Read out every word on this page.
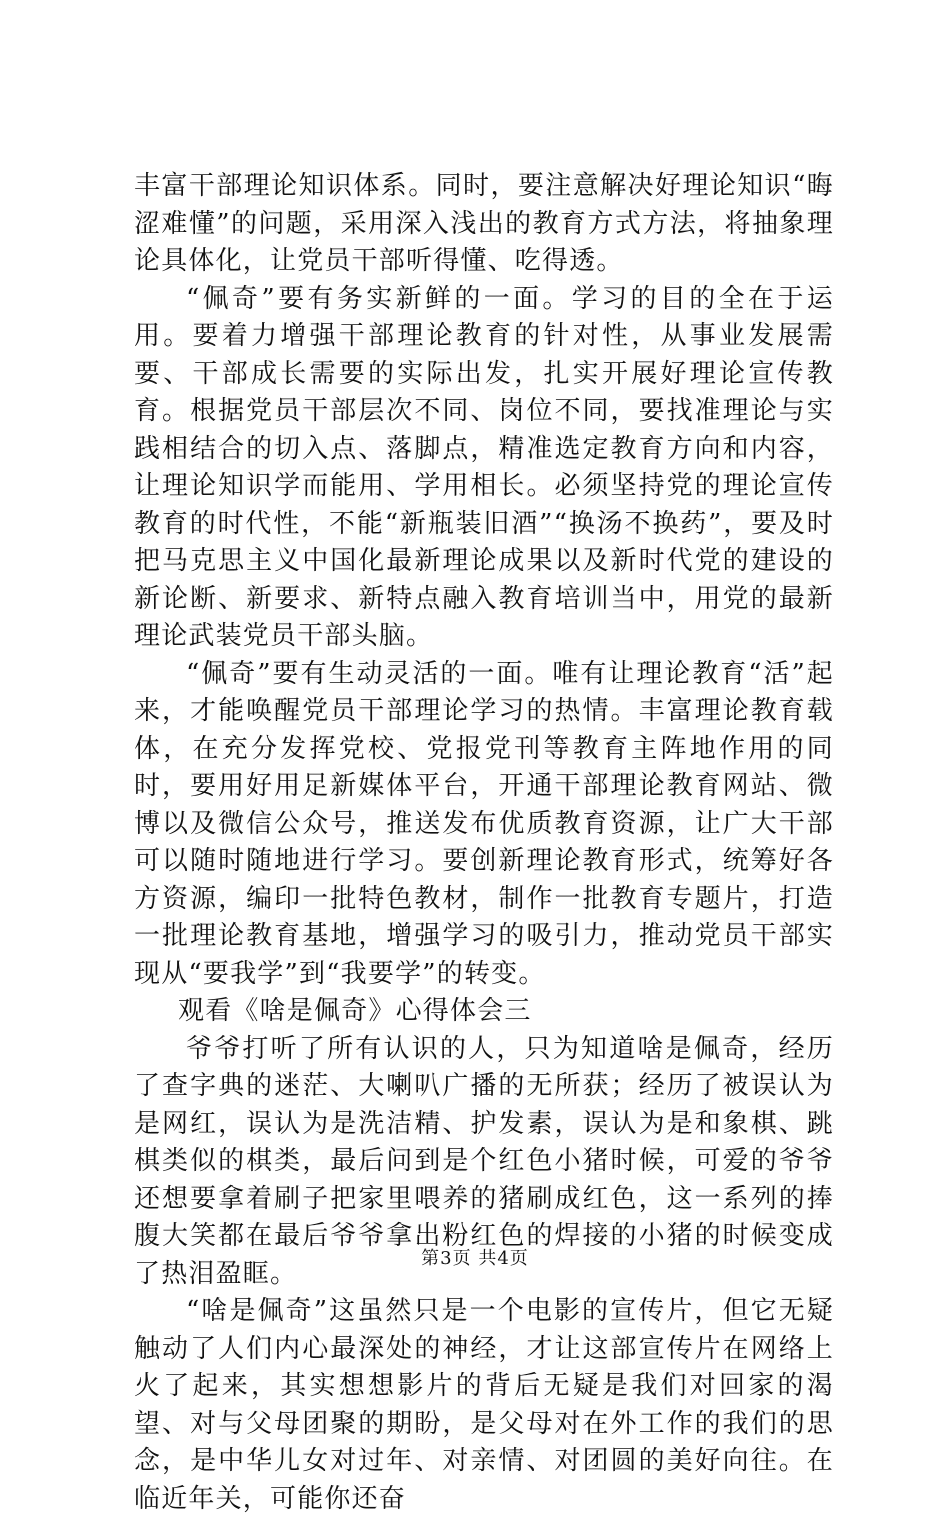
丰富干部理论知识体系。同时，要注意解决好理论知识“晦涩难懂”的问题，采用深入浅出的教育方式方法，将抽象理论具体化，让党员干部听得懂、吃得透。

“佩奇”要有务实新鲜的一面。学习的目的全在于运用。要着力增强干部理论教育的针对性，从事业发展需要、干部成长需要的实际出发，扎实开展好理论宣传教育。根据党员干部层次不同、岗位不同，要找准理论与实践相结合的切入点、落脚点，精准选定教育方向和内容，让理论知识学而能用、学用相长。必须坚持党的理论宣传教育的时代性，不能“新瓶装旧酒”“换汤不换药”，要及时把马克思主义中国化最新理论成果以及新时代党的建设的新论断、新要求、新特点融入教育培训当中，用党的最新理论武装党员干部头脑。

“佩奇”要有生动灵活的一面。唯有让理论教育“活”起来，才能唤醒党员干部理论学习的热情。丰富理论教育载体，在充分发挥党校、党报党刊等教育主阵地作用的同时，要用好用足新媒体平台，开通干部理论教育网站、微博以及微信公众号，推送发布优质教育资源，让广大干部可以随时随地进行学习。要创新理论教育形式，统筹好各方资源，编印一批特色教材，制作一批教育专题片，打造一批理论教育基地，增强学习的吸引力，推动党员干部实现从“要我学”到“我要学”的转变。

观看《啥是佩奇》心得体会三

爷爷打听了所有认识的人，只为知道啥是佩奇，经历了查字典的迷茫、大喇叭广播的无所获；经历了被误认为是网红，误认为是洗洁精、护发素，误认为是和象棋、跳棋类似的棋类，最后问到是个红色小猪时候，可爱的爷爷还想要拿着刷子把家里喂养的猪刷成红色，这一系列的捧腹大笑都在最后爷爷拿出粉红色的焊接的小猪的时候变成了热泪盈眶。

“啥是佩奇”这虽然只是一个电影的宣传片，但它无疑触动了人们内心最深处的神经，才让这部宣传片在网络上火了起来，其实想想影片的背后无疑是我们对回家的渴望、对与父母团聚的期盼，是父母对在外工作的我们的思念，是中华儿女对过年、对亲情、对团圆的美好向往。在临近年关，可能你还奋

第3页 共4页
